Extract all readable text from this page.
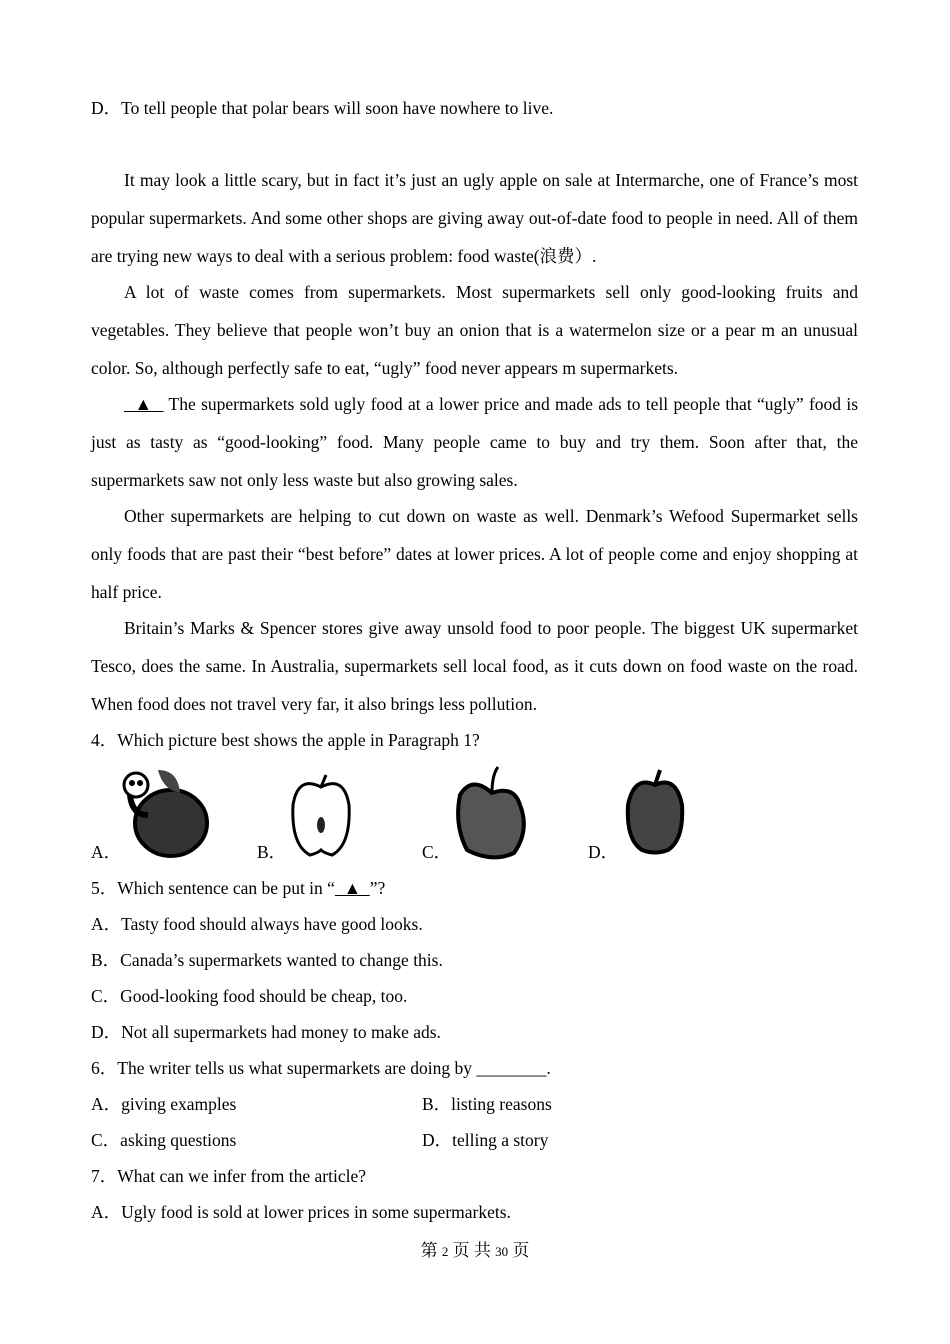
D．To tell people that polar bears will soon have nowhere to live.
It may look a little scary, but in fact it’s just an ugly apple on sale at Intermarche, one of France’s most popular supermarkets. And some other shops are giving away out-of-date food to people in need. All of them are trying new ways to deal with a serious problem: food waste(浪费）.
A lot of waste comes from supermarkets. Most supermarkets sell only good-looking fruits and vegetables. They believe that people won’t buy an onion that is a watermelon size or a pear m an unusual color. So, although perfectly safe to eat, “ugly” food never appears m supermarkets.
▲ The supermarkets sold ugly food at a lower price and made ads to tell people that “ugly” food is just as tasty as “good-looking” food. Many people came to buy and try them. Soon after that, the supermarkets saw not only less waste but also growing sales.
Other supermarkets are helping to cut down on waste as well. Denmark’s Wefood Supermarket sells only foods that are past their “best before” dates at lower prices. A lot of people come and enjoy shopping at half price.
Britain’s Marks & Spencer stores give away unsold food to poor people. The biggest UK supermarket Tesco, does the same. In Australia, supermarkets sell local food, as it cuts down on food waste on the road. When food does not travel very far, it also brings less pollution.
4．Which picture best shows the apple in Paragraph 1?
A．	B．	C．	D．
5．Which sentence can be put in “ ▲ ”?
A．Tasty food should always have good looks.
B．Canada’s supermarkets wanted to change this.
C．Good-looking food should be cheap, too.
D．Not all supermarkets had money to make ads.
6．The writer tells us what supermarkets are doing by ________.
A．giving examples	B．listing reasons
C．asking questions	D．telling a story
7．What can we infer from the article?
A．Ugly food is sold at lower prices in some supermarkets.
第 2 页 共 30 页
